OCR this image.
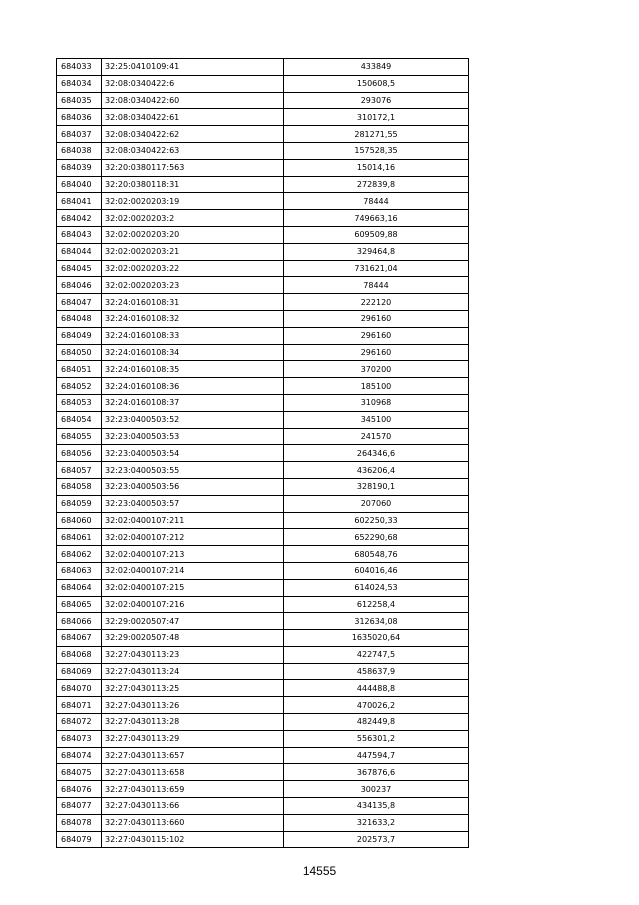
684033	32:25:0410109:41	433849
684034	32:08:0340422:6	150608,5
684035	32:08:0340422:60	293076
684036	32:08:0340422:61	310172,1
684037	32:08:0340422:62	281271,55
684038	32:08:0340422:63	157528,35
684039	32:20:0380117:563	15014,16
684040	32:20:0380118:31	272839,8
684041	32:02:0020203:19	78444
684042	32:02:0020203:2	749663,16
684043	32:02:0020203:20	609509,88
684044	32:02:0020203:21	329464,8
684045	32:02:0020203:22	731621,04
684046	32:02:0020203:23	78444
684047	32:24:0160108:31	222120
684048	32:24:0160108:32	296160
684049	32:24:0160108:33	296160
684050	32:24:0160108:34	296160
684051	32:24:0160108:35	370200
684052	32:24:0160108:36	185100
684053	32:24:0160108:37	310968
684054	32:23:0400503:52	345100
684055	32:23:0400503:53	241570
684056	32:23:0400503:54	264346,6
684057	32:23:0400503:55	436206,4
684058	32:23:0400503:56	328190,1
684059	32:23:0400503:57	207060
684060	32:02:0400107:211	602250,33
684061	32:02:0400107:212	652290,68
684062	32:02:0400107:213	680548,76
684063	32:02:0400107:214	604016,46
684064	32:02:0400107:215	614024,53
684065	32:02:0400107:216	612258,4
684066	32:29:0020507:47	312634,08
684067	32:29:0020507:48	1635020,64
684068	32:27:0430113:23	422747,5
684069	32:27:0430113:24	458637,9
684070	32:27:0430113:25	444488,8
684071	32:27:0430113:26	470026,2
684072	32:27:0430113:28	482449,8
684073	32:27:0430113:29	556301,2
684074	32:27:0430113:657	447594,7
684075	32:27:0430113:658	367876,6
684076	32:27:0430113:659	300237
684077	32:27:0430113:66	434135,8
684078	32:27:0430113:660	321633,2
684079	32:27:0430115:102	202573,7
14555
